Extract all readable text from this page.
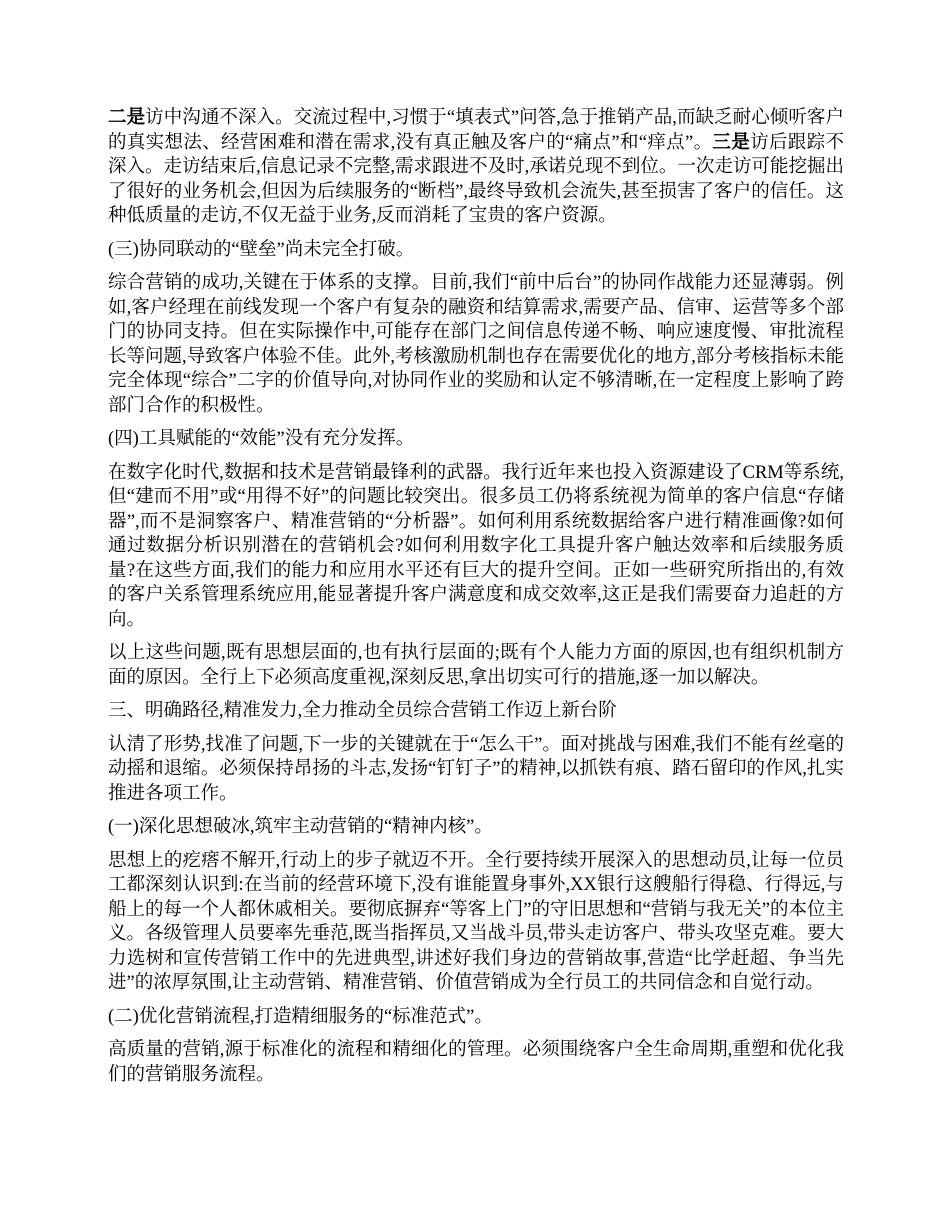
二是访中沟通不深入。交流过程中,习惯于“填表式”问答,急于推销产品,而缺乏耐心倾听客户的真实想法、经营困难和潜在需求,没有真正触及客户的“痛点”和“痒点”。三是访后跟踪不深入。走访结束后,信息记录不完整,需求跟进不及时,承诺兑现不到位。一次走访可能挖掘出了很好的业务机会,但因为后续服务的“断档”,最终导致机会流失,甚至损害了客户的信任。这种低质量的走访,不仅无益于业务,反而消耗了宝贵的客户资源。

(三)协同联动的“壁垒”尚未完全打破。

综合营销的成功,关键在于体系的支撑。目前,我们“前中后台”的协同作战能力还显薄弱。例如,客户经理在前线发现一个客户有复杂的融资和结算需求,需要产品、信审、运营等多个部门的协同支持。但在实际操作中,可能存在部门之间信息传递不畅、响应速度慢、审批流程长等问题,导致客户体验不佳。此外,考核激励机制也存在需要优化的地方,部分考核指标未能完全体现“综合”二字的价值导向,对协同作业的奖励和认定不够清晰,在一定程度上影响了跨部门合作的积极性。

(四)工具赋能的“效能”没有充分发挥。

在数字化时代,数据和技术是营销最锋利的武器。我行近年来也投入资源建设了CRM等系统,但“建而不用”或“用得不好”的问题比较突出。很多员工仍将系统视为简单的客户信息“存储器”,而不是洞察客户、精准营销的“分析器”。如何利用系统数据给客户进行精准画像?如何通过数据分析识别潜在的营销机会?如何利用数字化工具提升客户触达效率和后续服务质量?在这些方面,我们的能力和应用水平还有巨大的提升空间。正如一些研究所指出的,有效的客户关系管理系统应用,能显著提升客户满意度和成交效率,这正是我们需要奋力追赶的方向。

以上这些问题,既有思想层面的,也有执行层面的;既有个人能力方面的原因,也有组织机制方面的原因。全行上下必须高度重视,深刻反思,拿出切实可行的措施,逐一加以解决。

三、明确路径,精准发力,全力推动全员综合营销工作迈上新台阶

认清了形势,找准了问题,下一步的关键就在于“怎么干”。面对挑战与困难,我们不能有丝毫的动摇和退缩。必须保持昂扬的斗志,发扬“钉钉子”的精神,以抓铁有痕、踏石留印的作风,扎实推进各项工作。

(一)深化思想破冰,筑牢主动营销的“精神内核”。

思想上的疙瘩不解开,行动上的步子就迈不开。全行要持续开展深入的思想动员,让每一位员工都深刻认识到:在当前的经营环境下,没有谁能置身事外,XX银行这艘船行得稳、行得远,与船上的每一个人都休戚相关。要彻底摒弃“等客上门”的守旧思想和“营销与我无关”的本位主义。各级管理人员要率先垂范,既当指挥员,又当战斗员,带头走访客户、带头攻坚克难。要大力选树和宣传营销工作中的先进典型,讲述好我们身边的营销故事,营造“比学赶超、争当先进”的浓厚氛围,让主动营销、精准营销、价值营销成为全行员工的共同信念和自觉行动。

(二)优化营销流程,打造精细服务的“标准范式”。

高质量的营销,源于标准化的流程和精细化的管理。必须围绕客户全生命周期,重塑和优化我们的营销服务流程。
